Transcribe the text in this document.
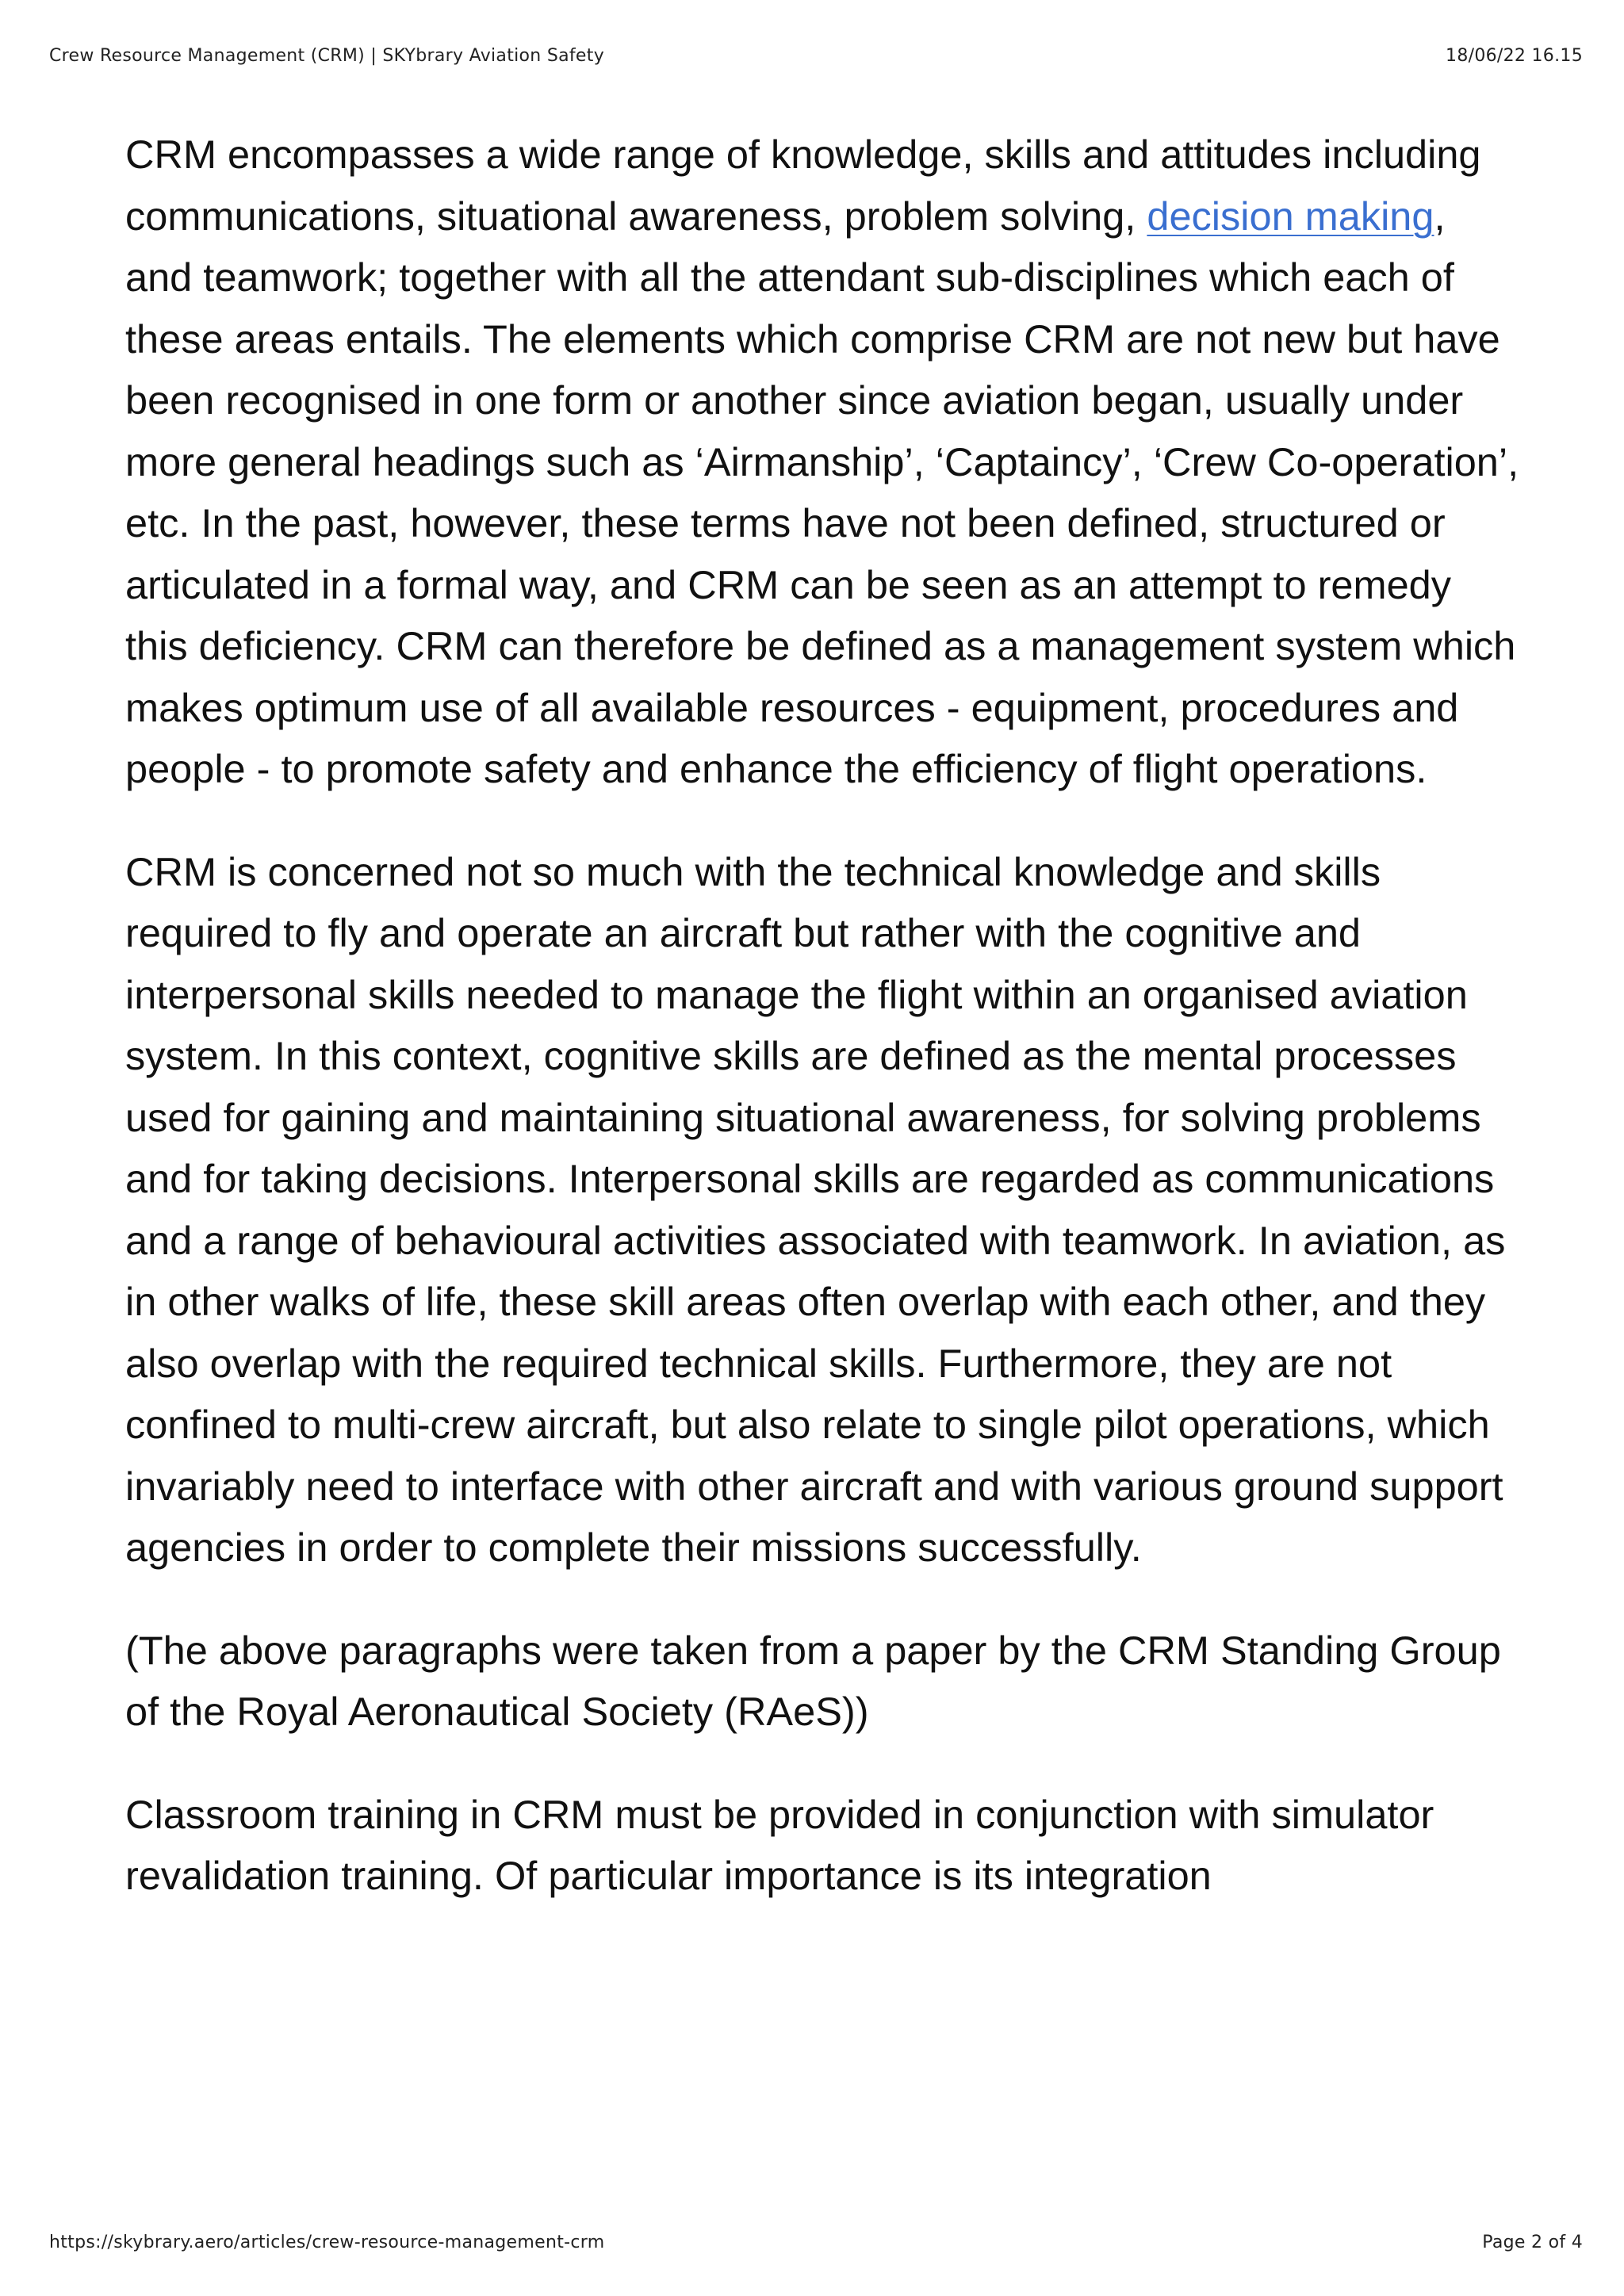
Crew Resource Management (CRM) | SKYbrary Aviation Safety	18/06/22 16.15

CRM encompasses a wide range of knowledge, skills and attitudes including communications, situational awareness, problem solving, decision making, and teamwork; together with all the attendant sub-disciplines which each of these areas entails. The elements which comprise CRM are not new but have been recognised in one form or another since aviation began, usually under more general headings such as ‘Airmanship’, ‘Captaincy’, ‘Crew Co-operation’, etc. In the past, however, these terms have not been defined, structured or articulated in a formal way, and CRM can be seen as an attempt to remedy this deficiency. CRM can therefore be defined as a management system which makes optimum use of all available resources - equipment, procedures and people - to promote safety and enhance the efficiency of flight operations.

CRM is concerned not so much with the technical knowledge and skills required to fly and operate an aircraft but rather with the cognitive and interpersonal skills needed to manage the flight within an organised aviation system. In this context, cognitive skills are defined as the mental processes used for gaining and maintaining situational awareness, for solving problems and for taking decisions. Interpersonal skills are regarded as communications and a range of behavioural activities associated with teamwork. In aviation, as in other walks of life, these skill areas often overlap with each other, and they also overlap with the required technical skills. Furthermore, they are not confined to multi-crew aircraft, but also relate to single pilot operations, which invariably need to interface with other aircraft and with various ground support agencies in order to complete their missions successfully.

(The above paragraphs were taken from a paper by the CRM Standing Group of the Royal Aeronautical Society (RAeS))

Classroom training in CRM must be provided in conjunction with simulator revalidation training. Of particular importance is its integration

https://skybrary.aero/articles/crew-resource-management-crm	Page 2 of 4
